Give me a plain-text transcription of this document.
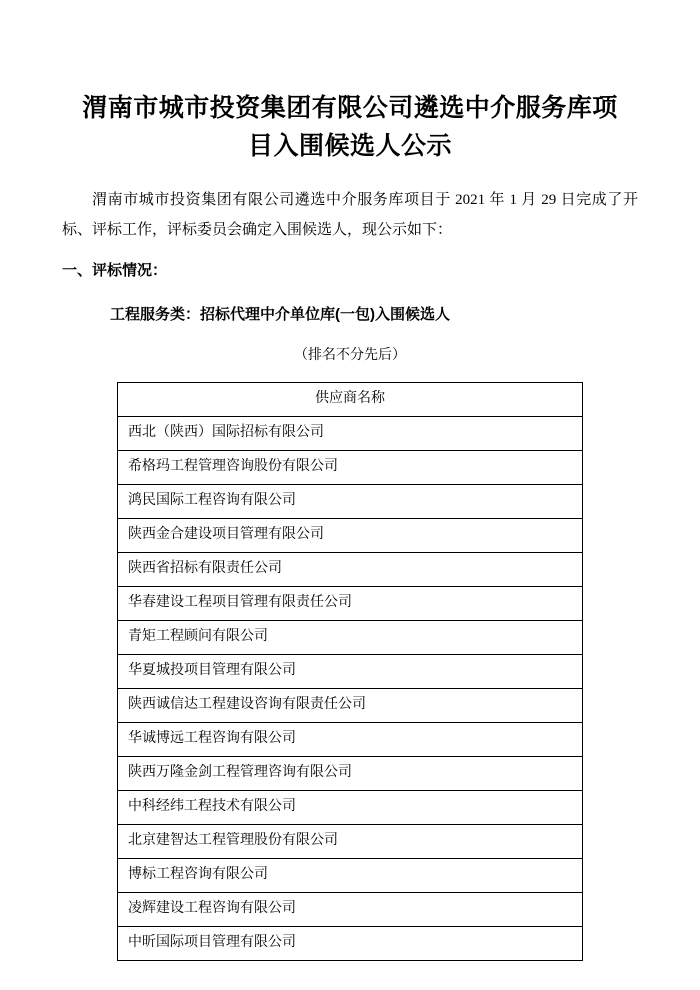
渭南市城市投资集团有限公司遴选中介服务库项目入围候选人公示

渭南市城市投资集团有限公司遴选中介服务库项目于 2021 年 1 月 29 日完成了开标、评标工作，评标委员会确定入围候选人，现公示如下：

一、评标情况：

工程服务类：招标代理中介单位库(一包)入围候选人

（排名不分先后）

供应商名称
西北（陕西）国际招标有限公司
希格玛工程管理咨询股份有限公司
鸿民国际工程咨询有限公司
陕西金合建设项目管理有限公司
陕西省招标有限责任公司
华春建设工程项目管理有限责任公司
青矩工程顾问有限公司
华夏城投项目管理有限公司
陕西诚信达工程建设咨询有限责任公司
华诚博远工程咨询有限公司
陕西万隆金剑工程管理咨询有限公司
中科经纬工程技术有限公司
北京建智达工程管理股份有限公司
博标工程咨询有限公司
凌辉建设工程咨询有限公司
中昕国际项目管理有限公司
